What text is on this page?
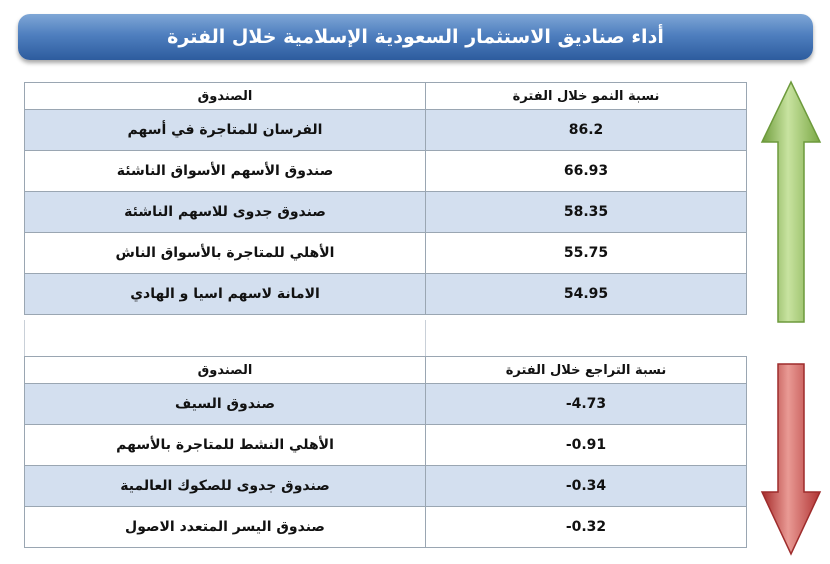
أداء صناديق الاستثمار السعودية الإسلامية خلال الفترة
الصندوق	نسبة النمو خلال الفترة
الفرسان للمتاجرة في أسهم	86.2
صندوق الأسهم الأسواق الناشئة	66.93
صندوق جدوى للاسهم الناشئة	58.35
الأهلي للمتاجرة بالأسواق الناش	55.75
الامانة لاسهم اسيا و الهادي	54.95
الصندوق	نسبة التراجع خلال الفترة
صندوق السيف	-4.73
الأهلي النشط للمتاجرة بالأسهم	-0.91
صندوق جدوى للصكوك العالمية	-0.34
صندوق اليسر المتعدد الاصول	-0.32
